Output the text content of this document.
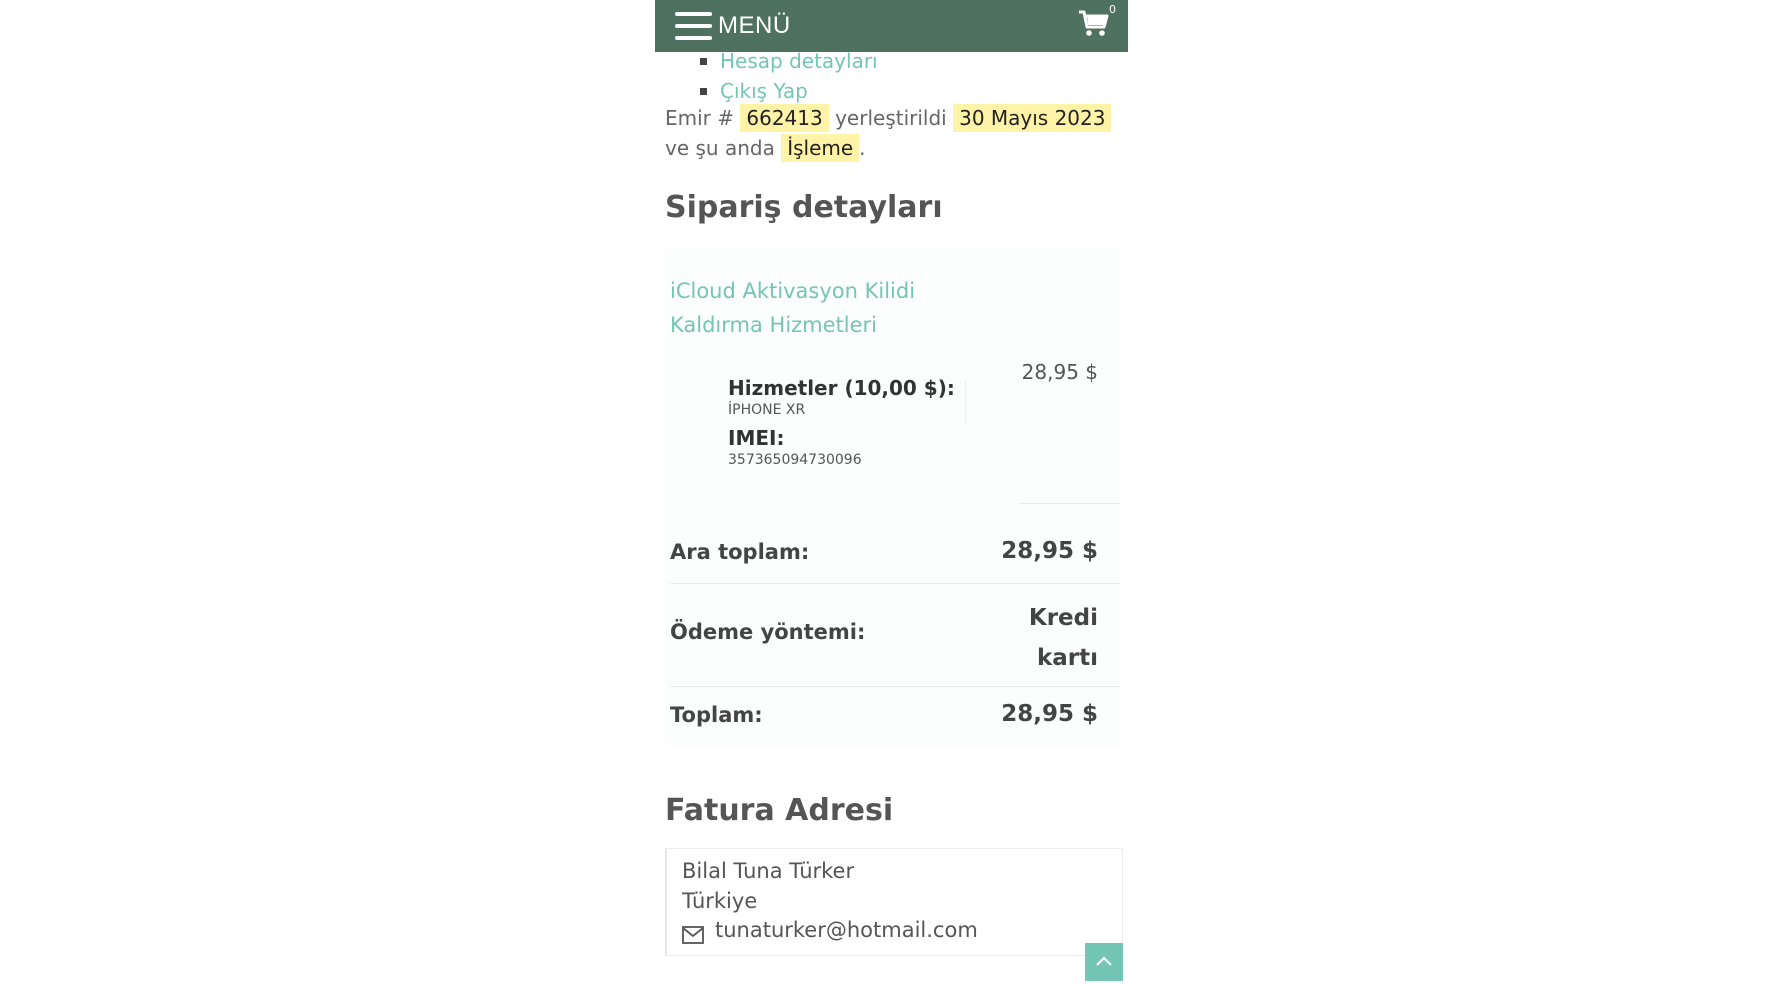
MENÜ
0
Hesap detayları
Çıkış Yap
Emir # 662413 yerleştirildi 30 Mayıs 2023 ve şu anda İşleme .
Sipariş detayları
iCloud Aktivasyon Kilidi Kaldırma Hizmetleri
28,95 $
Hizmetler (10,00 $):
İPHONE XR
IMEI:
357365094730096
Ara toplam:	28,95 $
Ödeme yöntemi:
Kredi
kartı
Toplam:	28,95 $
Fatura Adresi
Bilal Tuna Türker
Türkiye
tunaturker@hotmail.com
